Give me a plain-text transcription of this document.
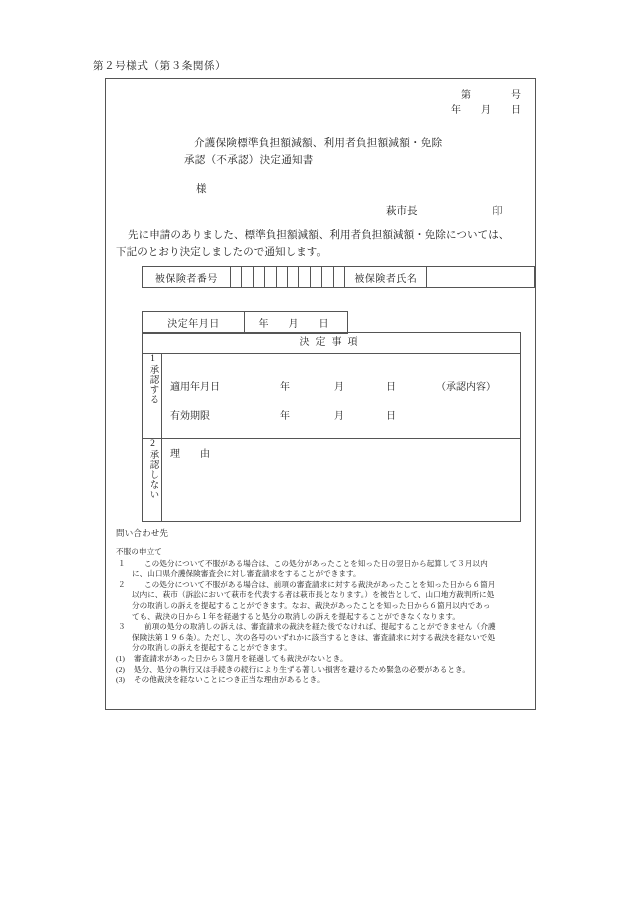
第２号様式（第３条関係）
第　　　　号
年　　月　　日
介護保険標準負担額減額、利用者負担額減額・免除
承認（不承認）決定通知書
様
萩市長	印
先に申請のありました、標準負担額減額、利用者負担額減額・免除については、
下記のとおり決定しましたので通知します。
被保険者番号											被保険者氏名	
決定年月日	年　月　日
決定事項	
1承認する	適用年月日	年	月	日	（承認内容）
有効期限	年	月	日

2承認しない	理　由
問い合わせ先
不服の申立て
１	この処分について不服がある場合は、この処分があったことを知った日の翌日から起算して３月以内
に、山口県介護保険審査会に対し審査請求をすることができます。
２	この処分について不服がある場合は、前項の審査請求に対する裁決があったことを知った日から６箇月
以内に、萩市（訴訟において萩市を代表する者は萩市長となります。）を被告として、山口地方裁判所に処
分の取消しの訴えを提起することができます。なお、裁決があったことを知った日から６箇月以内であっ
ても、裁決の日から１年を経過すると処分の取消しの訴えを提起することができなくなります。
３	前項の処分の取消しの訴えは、審査請求の裁決を経た後でなければ、提起することができません（介護
保険法第１９６条）。ただし、次の各号のいずれかに該当するときは、審査請求に対する裁決を経ないで処
分の取消しの訴えを提起することができます。
(1) 審査請求があった日から３箇月を経過しても裁決がないとき。
(2) 処分、処分の執行又は手続きの続行により生ずる著しい損害を避けるため緊急の必要があるとき。
(3) その他裁決を経ないことにつき正当な理由があるとき。
